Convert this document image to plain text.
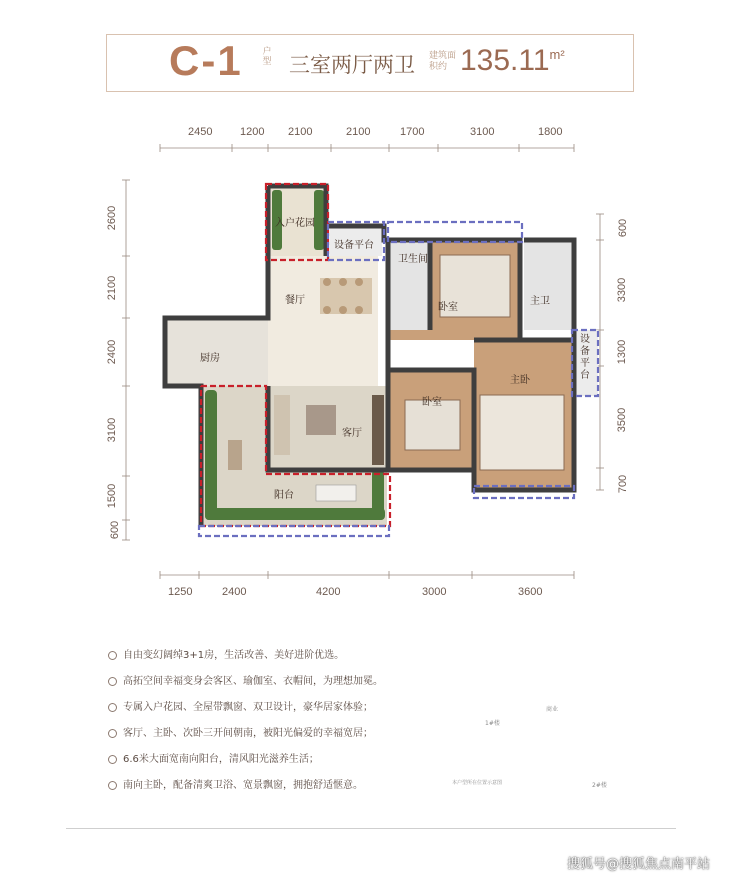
C-1 户型 三室两厅两卫 建筑面积约 $135.11^{m^2}$
2450	1200 2100	2100	1700	3100	1800
1250	2400	4200	3000	3600
2600
2100
2400
3100
1500
600
600
3300
1300
3500
700
入户花园
设备平台
卫生间
卧室
主卫
餐厅
厨房
客厅
设备平台
主卧
卧室
阳台
自由变幻阔绰3+1房，生活改善、美好进阶优选。
高拓空间幸福变身会客区、瑜伽室、衣帽间，为理想加冕。
专属入户花园、全屋带飘窗、双卫设计，豪华居家体验；
客厅、主卧、次卧三开间朝南，被阳光偏爱的幸福宽居；
6.6米大面宽南向阳台，清风阳光滋养生活；
南向主卧，配备清爽卫浴、宽景飘窗，拥抱舒适惬意。
1#楼
商业
C-1 C-1
2#楼
本户型所在位置示意图
搜狐号@搜狐焦点南平站
